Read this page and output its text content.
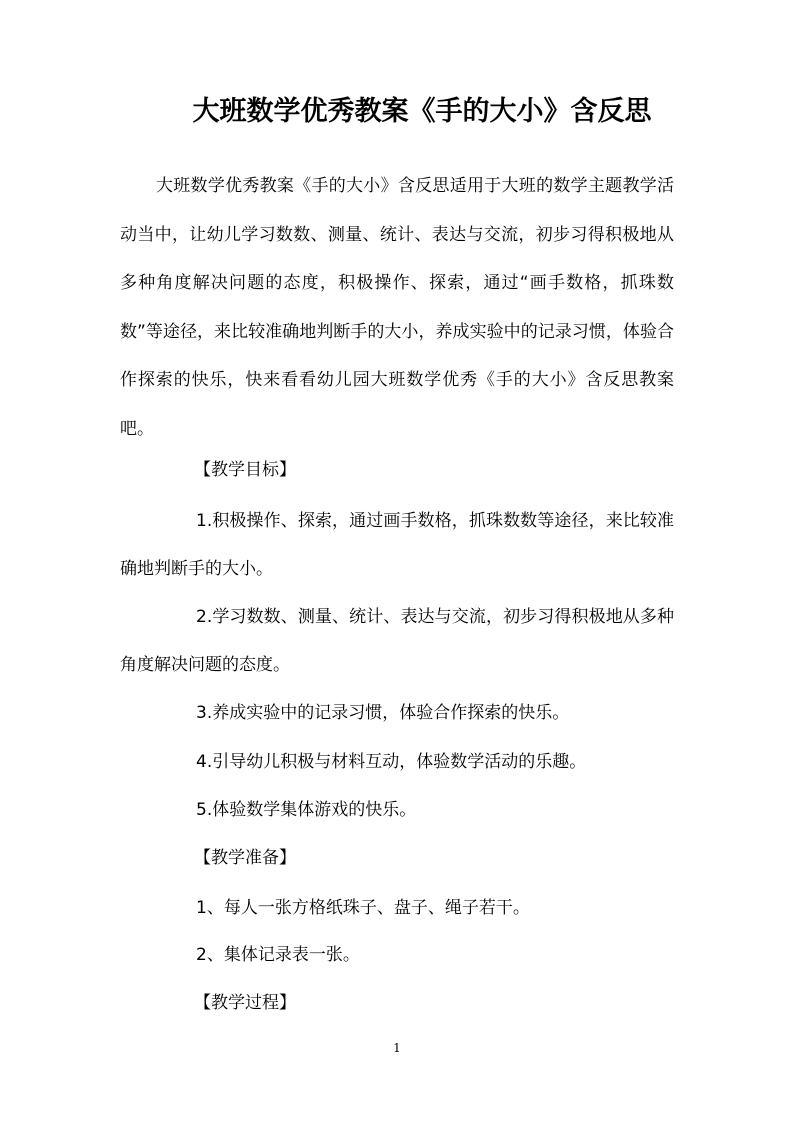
大班数学优秀教案《手的大小》含反思

大班数学优秀教案《手的大小》含反思适用于大班的数学主题教学活动当中，让幼儿学习数数、测量、统计、表达与交流，初步习得积极地从多种角度解决问题的态度，积极操作、探索，通过“画手数格，抓珠数数”等途径，来比较准确地判断手的大小，养成实验中的记录习惯，体验合作探索的快乐，快来看看幼儿园大班数学优秀《手的大小》含反思教案吧。

【教学目标】

1.积极操作、探索，通过画手数格，抓珠数数等途径，来比较准确地判断手的大小。

2.学习数数、测量、统计、表达与交流，初步习得积极地从多种角度解决问题的态度。

3.养成实验中的记录习惯，体验合作探索的快乐。
4.引导幼儿积极与材料互动，体验数学活动的乐趣。
5.体验数学集体游戏的快乐。
【教学准备】
1、每人一张方格纸珠子、盘子、绳子若干。
2、集体记录表一张。
【教学过程】
1
